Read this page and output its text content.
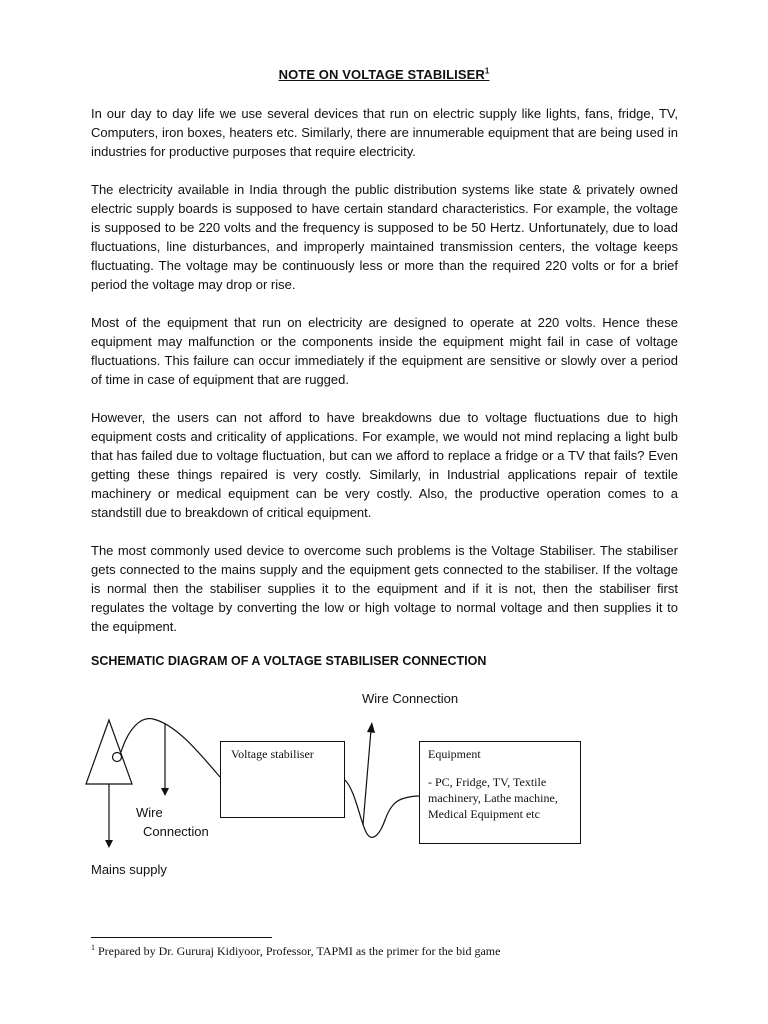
NOTE ON VOLTAGE STABILISER$^1$

In our day to day life we use several devices that run on electric supply like lights, fans, fridge, TV, Computers, iron boxes, heaters etc. Similarly, there are innumerable equipment that are being used in industries for productive purposes that require electricity.

The electricity available in India through the public distribution systems like state & privately owned electric supply boards is supposed to have certain standard characteristics. For example, the voltage is supposed to be 220 volts and the frequency is supposed to be 50 Hertz. Unfortunately, due to load fluctuations, line disturbances, and improperly maintained transmission centers, the voltage keeps fluctuating. The voltage may be continuously less or more than the required 220 volts or for a brief period the voltage may drop or rise.

Most of the equipment that run on electricity are designed to operate at 220 volts. Hence these equipment may malfunction or the components inside the equipment might fail in case of voltage fluctuations. This failure can occur immediately if the equipment are sensitive or slowly over a period of time in case of equipment that are rugged.

However, the users can not afford to have breakdowns due to voltage fluctuations due to high equipment costs and criticality of applications. For example, we would not mind replacing a light bulb that has failed due to voltage fluctuation, but can we afford to replace a fridge or a TV that fails? Even getting these things repaired is very costly. Similarly, in Industrial applications repair of textile machinery or medical equipment can be very costly. Also, the productive operation comes to a standstill due to breakdown of critical equipment.

The most commonly used device to overcome such problems is the Voltage Stabiliser. The stabiliser gets connected to the mains supply and the equipment gets connected to the stabiliser. If the voltage is normal then the stabiliser supplies it to the equipment and if it is not, then the stabiliser first regulates the voltage by converting the low or high voltage to normal voltage and then supplies it to the equipment.

SCHEMATIC DIAGRAM OF A VOLTAGE STABILISER CONNECTION
Wire Connection
Wire
Connection
Mains supply
Voltage stabiliser	Equipment
- PC, Fridge, TV, Textile machinery, Lathe machine, Medical Equipment etc
$^1$ Prepared by Dr. Gururaj Kidiyoor, Professor, TAPMI as the primer for the bid game
